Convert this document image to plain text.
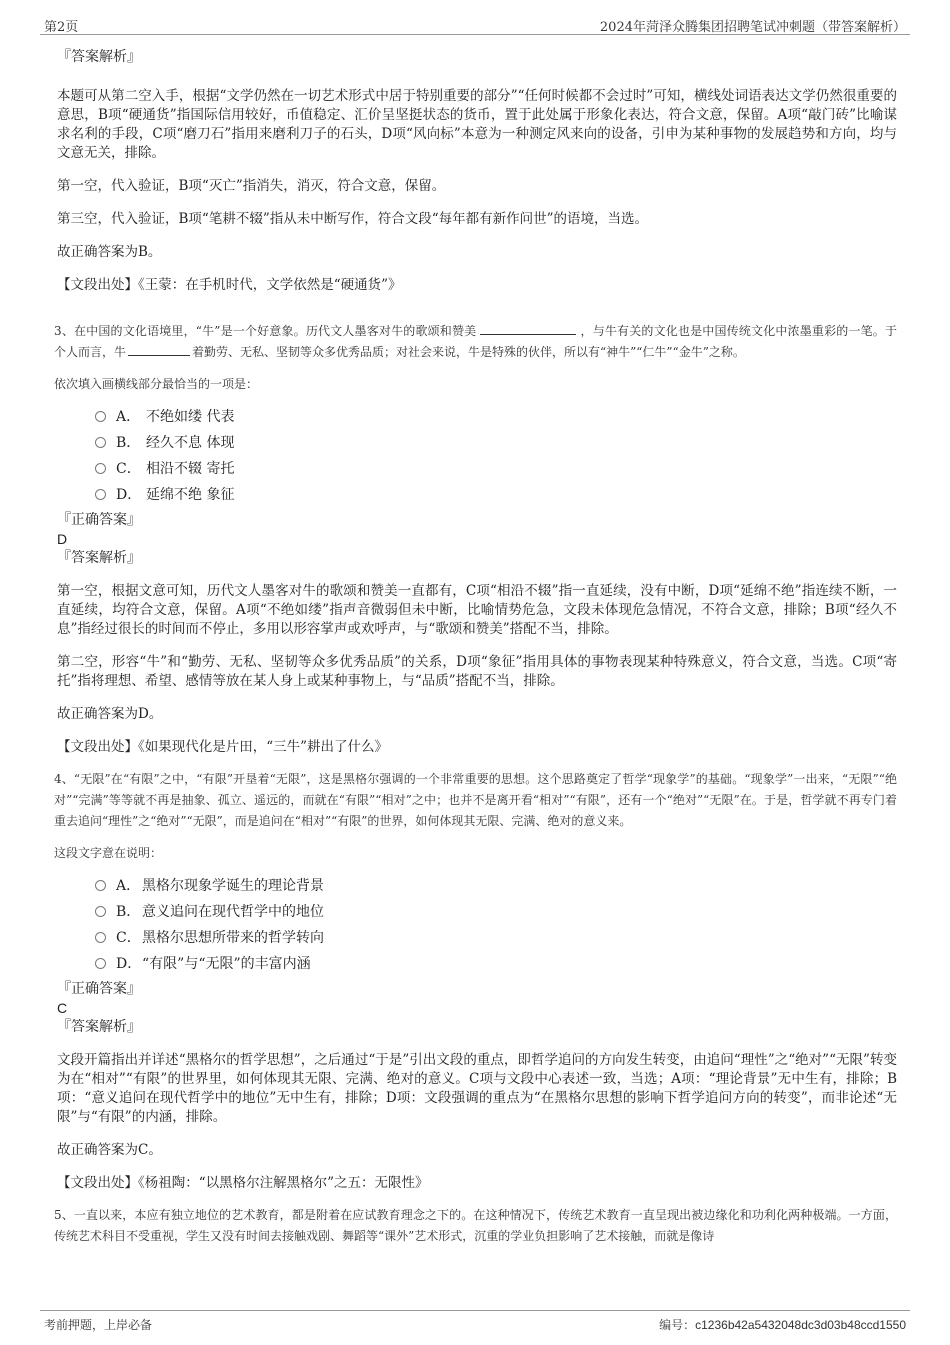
第2页	2024年菏泽众腾集团招聘笔试冲刺题（带答案解析）
『答案解析』

本题可从第二空入手，根据“文学仍然在一切艺术形式中居于特别重要的部分”“任何时候都不会过时”可知，横线处词语表达文学仍然很重要的意思，B项“硬通货”指国际信用较好，币值稳定、汇价呈坚挺状态的货币，置于此处属于形象化表达，符合文意，保留。A项“敲门砖”比喻谋求名利的手段，C项“磨刀石”指用来磨利刀子的石头，D项“风向标”本意为一种测定风来向的设备，引申为某种事物的发展趋势和方向，均与文意无关，排除。

第一空，代入验证，B项“灭亡”指消失，消灭，符合文意，保留。

第三空，代入验证，B项“笔耕不辍”指从未中断写作，符合文段“每年都有新作问世”的语境，当选。

故正确答案为B。

【文段出处】《王蒙：在手机时代，文学依然是“硬通货”》

3、在中国的文化语境里，“牛”是一个好意象。历代文人墨客对牛的歌颂和赞美	，与牛有关的文化也是中国传统文化中浓墨重彩的一笔。于个人而言，牛	着勤劳、无私、坚韧等众多优秀品质；对社会来说，牛是特殊的伙伴，所以有“神牛”“仁牛”“金牛”之称。

依次填入画横线部分最恰当的一项是：

A． 不绝如缕 代表
B． 经久不息 体现
C． 相沿不辍 寄托
D． 延绵不绝 象征
『正确答案』
D
『答案解析』

第一空，根据文意可知，历代文人墨客对牛的歌颂和赞美一直都有，C项“相沿不辍”指一直延续，没有中断，D项“延绵不绝”指连续不断，一直延续，均符合文意，保留。A项“不绝如缕”指声音微弱但未中断，比喻情势危急，文段未体现危急情况，不符合文意，排除；B项“经久不息”指经过很长的时间而不停止，多用以形容掌声或欢呼声，与“歌颂和赞美”搭配不当，排除。

第二空，形容“牛”和“勤劳、无私、坚韧等众多优秀品质”的关系，D项“象征”指用具体的事物表现某种特殊意义，符合文意，当选。C项“寄托”指将理想、希望、感情等放在某人身上或某种事物上，与“品质”搭配不当，排除。

故正确答案为D。

【文段出处】《如果现代化是片田，“三牛”耕出了什么》

4、“无限”在“有限”之中，“有限”开垦着“无限”，这是黑格尔强调的一个非常重要的思想。这个思路奠定了哲学“现象学”的基础。“现象学”一出来，“无限”“绝对”“完满”等等就不再是抽象、孤立、遥远的，而就在“有限”“相对”之中；也并不是离开看“相对”“有限”，还有一个“绝对”“无限”在。于是，哲学就不再专门着重去追问“理性”之“绝对”“无限”，而是追问在“相对”“有限”的世界，如何体现其无限、完满、绝对的意义来。

这段文字意在说明：

A． 黑格尔现象学诞生的理论背景
B． 意义追问在现代哲学中的地位
C．黑格尔思想所带来的哲学转向
D．“有限”与“无限”的丰富内涵
『正确答案』
C
『答案解析』

文段开篇指出并详述“黑格尔的哲学思想”，之后通过“于是”引出文段的重点，即哲学追问的方向发生转变，由追问“理性”之“绝对”“无限”转变为在“相对”“有限”的世界里，如何体现其无限、完满、绝对的意义。C项与文段中心表述一致，当选；A项：“理论背景”无中生有，排除；B项：“意义追问在现代哲学中的地位”无中生有，排除；D项：文段强调的重点为“在黑格尔思想的影响下哲学追问方向的转变”，而非论述“无限”与“有限”的内涵，排除。

故正确答案为C。

【文段出处】《杨祖陶：“以黑格尔注解黑格尔”之五：无限性》

5、一直以来，本应有独立地位的艺术教育，都是附着在应试教育理念之下的。在这种情况下，传统艺术教育一直呈现出被边缘化和功利化两种极端。一方面，传统艺术科目不受重视，学生又没有时间去接触戏剧、舞蹈等“课外”艺术形式，沉重的学业负担影响了艺术接触，而就是像诗

考前押题，上岸必备	编号：c1236b42a5432048dc3d03b48ccd1550
